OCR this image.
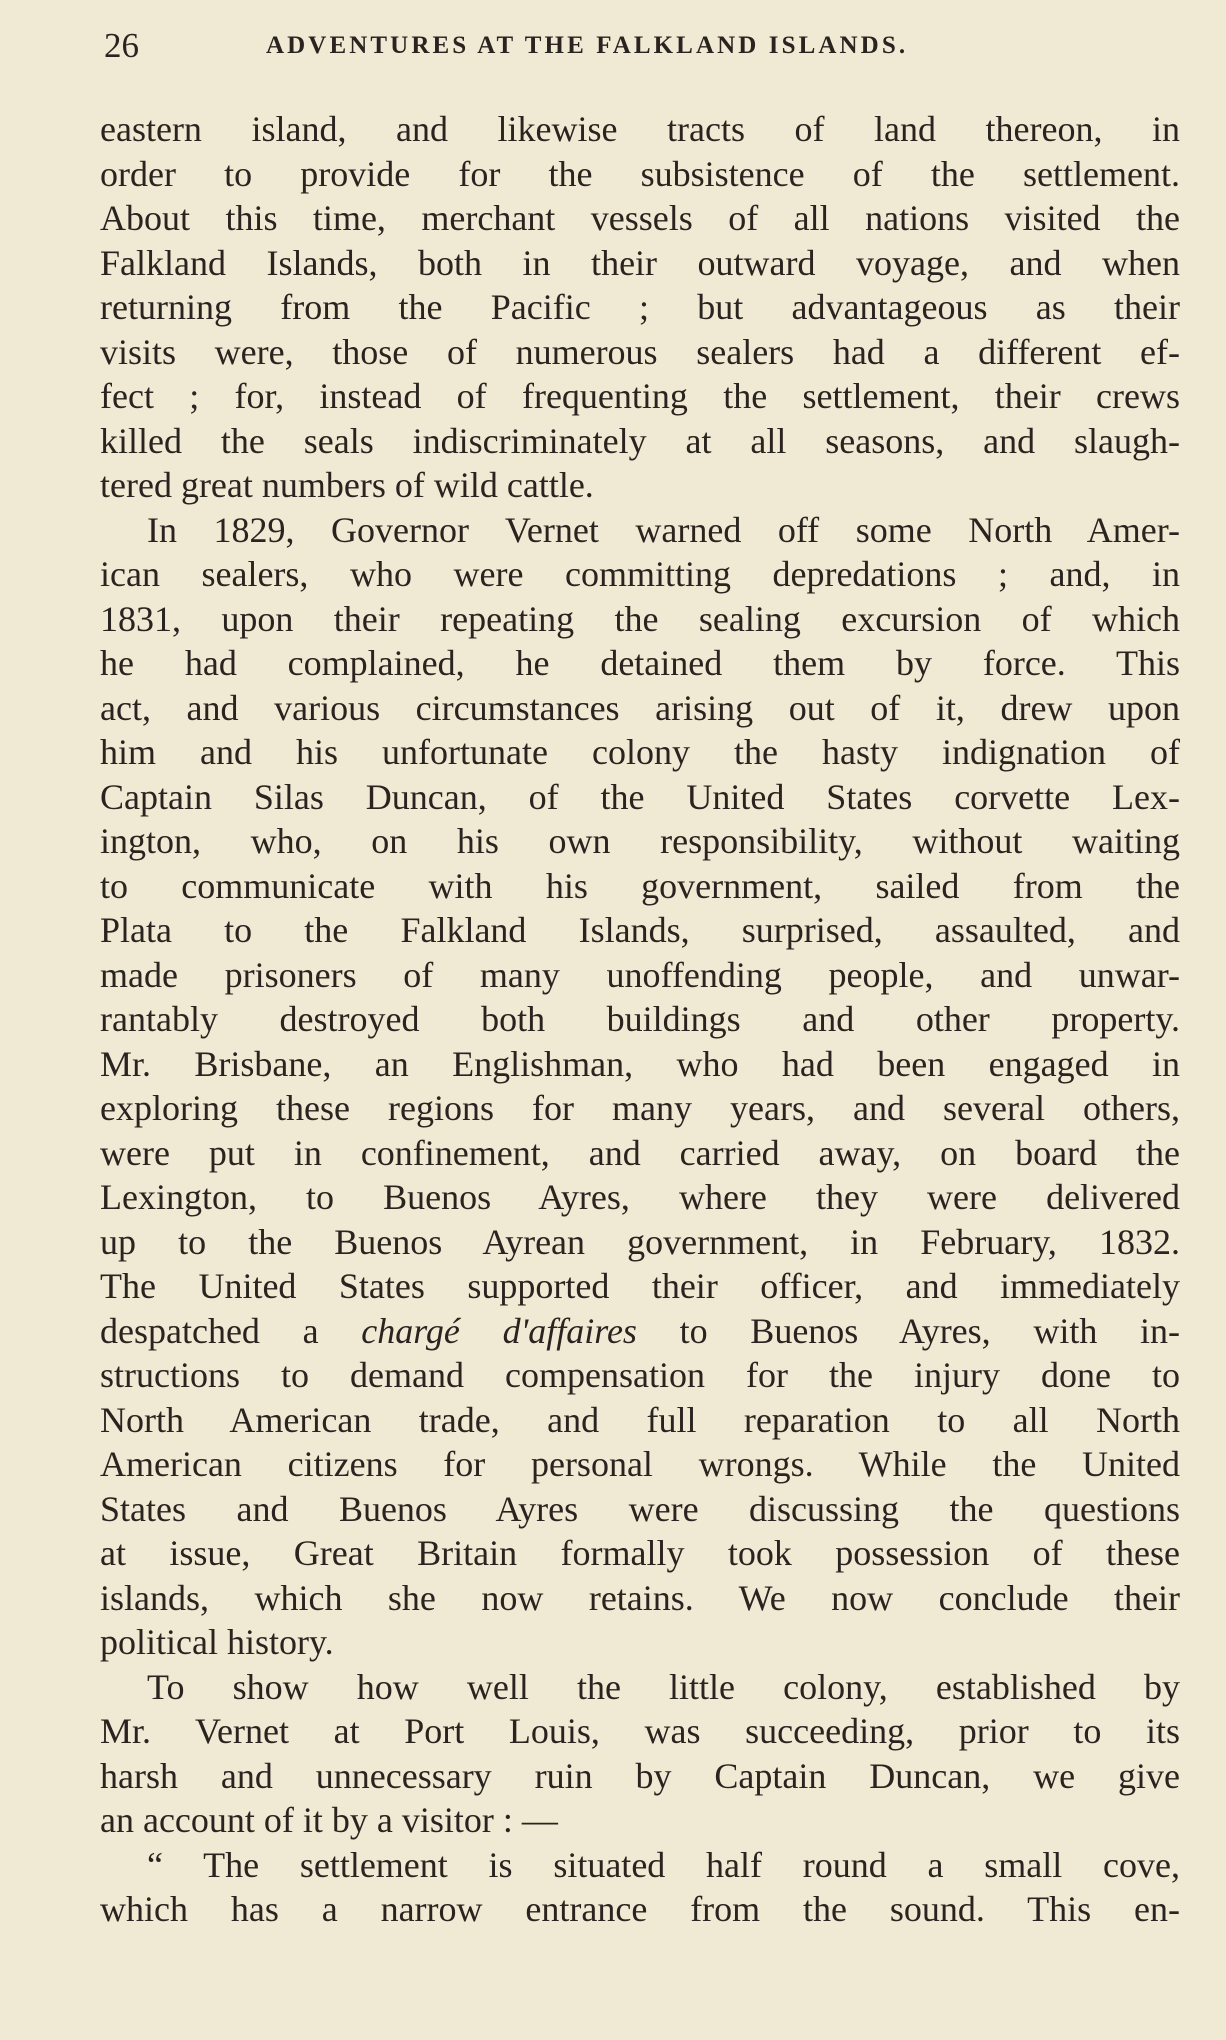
26	ADVENTURES AT THE FALKLAND ISLANDS.
eastern island, and likewise tracts of land thereon, in
order to provide for the subsistence of the settlement.
About this time, merchant vessels of all nations visited the
Falkland Islands, both in their outward voyage, and when
returning from the Pacific ; but advantageous as their
visits were, those of numerous sealers had a different ef-
fect ; for, instead of frequenting the settlement, their crews
killed the seals indiscriminately at all seasons, and slaugh-
tered great numbers of wild cattle.
In 1829, Governor Vernet warned off some North Amer-
ican sealers, who were committing depredations ; and, in
1831, upon their repeating the sealing excursion of which
he had complained, he detained them by force. This
act, and various circumstances arising out of it, drew upon
him and his unfortunate colony the hasty indignation of
Captain Silas Duncan, of the United States corvette Lex-
ington, who, on his own responsibility, without waiting
to communicate with his government, sailed from the
Plata to the Falkland Islands, surprised, assaulted, and
made prisoners of many unoffending people, and unwar-
rantably destroyed both buildings and other property.
Mr. Brisbane, an Englishman, who had been engaged in
exploring these regions for many years, and several others,
were put in confinement, and carried away, on board the
Lexington, to Buenos Ayres, where they were delivered
up to the Buenos Ayrean government, in February, 1832.
The United States supported their officer, and immediately
despatched a chargé d'affaires to Buenos Ayres, with in-
structions to demand compensation for the injury done to
North American trade, and full reparation to all North
American citizens for personal wrongs. While the United
States and Buenos Ayres were discussing the questions
at issue, Great Britain formally took possession of these
islands, which she now retains. We now conclude their
political history.
To show how well the little colony, established by
Mr. Vernet at Port Louis, was succeeding, prior to its
harsh and unnecessary ruin by Captain Duncan, we give
an account of it by a visitor : —
“ The settlement is situated half round a small cove,
which has a narrow entrance from the sound. This en-
